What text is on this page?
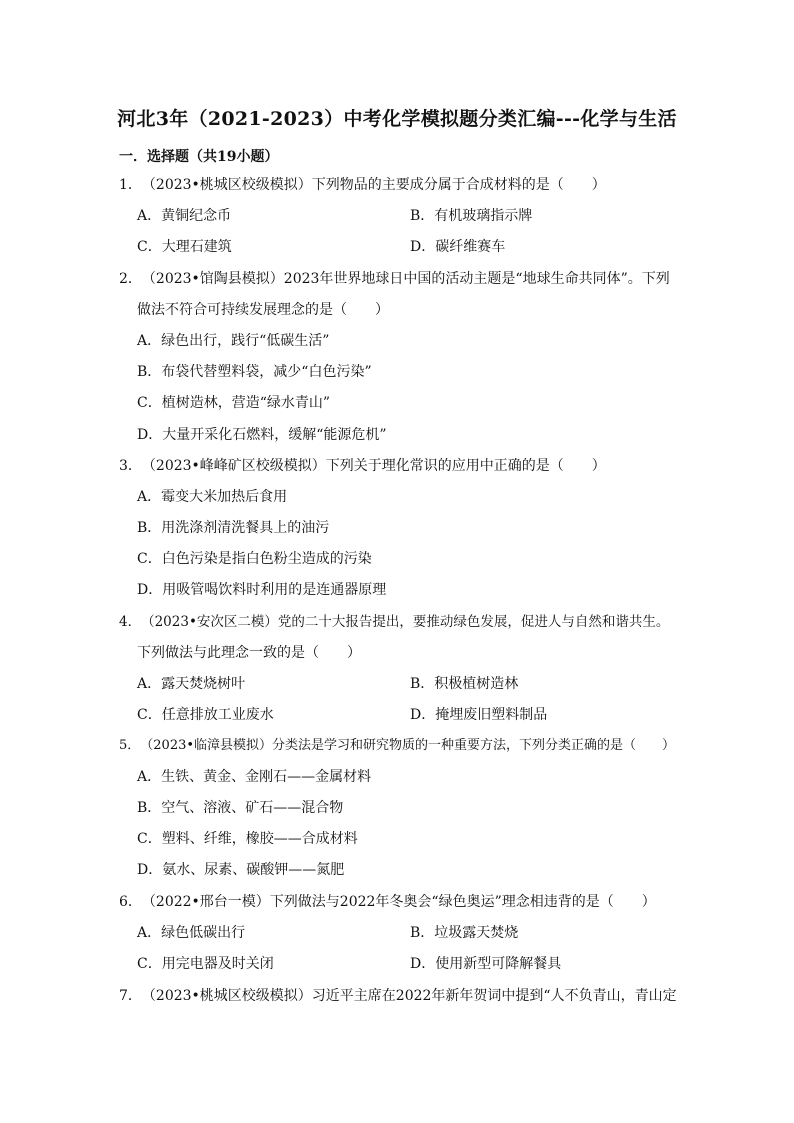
河北3年（2021-2023）中考化学模拟题分类汇编---化学与生活
一．选择题（共19小题）
1．（2023•桃城区校级模拟）下列物品的主要成分属于合成材料的是（　　）
A．黄铜纪念币	B．有机玻璃指示牌
C．大理石建筑	D．碳纤维赛车
2．（2023•馆陶县模拟）2023年世界地球日中国的活动主题是“地球生命共同体”。下列
做法不符合可持续发展理念的是（　　）
A．绿色出行，践行“低碳生活”
B．布袋代替塑料袋，减少“白色污染”
C．植树造林，营造“绿水青山”
D．大量开采化石燃料，缓解“能源危机”
3．（2023•峰峰矿区校级模拟）下列关于理化常识的应用中正确的是（　　）
A．霉变大米加热后食用
B．用洗涤剂清洗餐具上的油污
C．白色污染是指白色粉尘造成的污染
D．用吸管喝饮料时利用的是连通器原理
4．（2023•安次区二模）党的二十大报告提出，要推动绿色发展，促进人与自然和谐共生。
下列做法与此理念一致的是（　　）
A．露天焚烧树叶	B．积极植树造林
C．任意排放工业废水	D．掩埋废旧塑料制品
5．（2023•临漳县模拟）分类法是学习和研究物质的一种重要方法，下列分类正确的是（　　）
A．生铁、黄金、金刚石——金属材料
B．空气、溶液、矿石——混合物
C．塑料、纤维，橡胶——合成材料
D．氨水、尿素、碳酸钾——氮肥
6．（2022•邢台一模）下列做法与2022年冬奥会“绿色奥运”理念相违背的是（　　）
A．绿色低碳出行	B．垃圾露天焚烧
C．用完电器及时关闭	D．使用新型可降解餐具
7．（2023•桃城区校级模拟）习近平主席在2022年新年贺词中提到“人不负青山，青山定
